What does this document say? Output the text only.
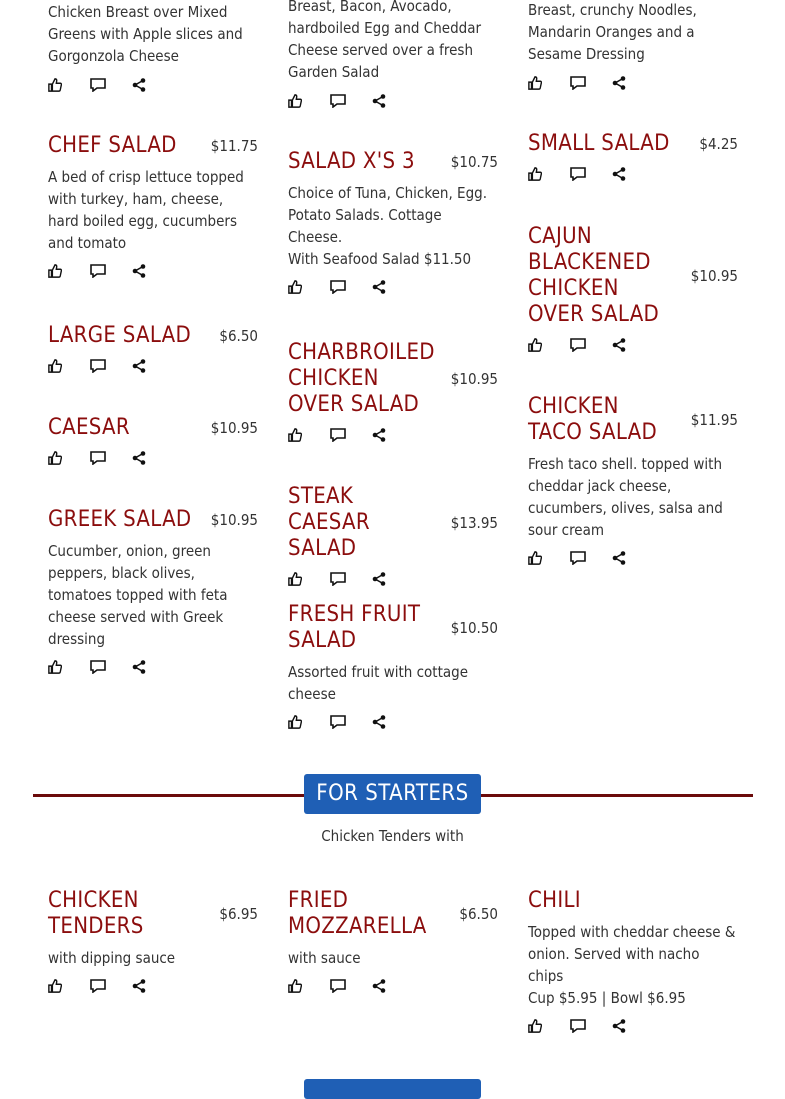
Chicken Breast over Mixed Greens with Apple slices and Gorgonzola Cheese
CHEF SALAD	$11.75
A bed of crisp lettuce topped with turkey, ham, cheese, hard boiled egg, cucumbers and tomato
LARGE SALAD	$6.50
CAESAR	$10.95
GREEK SALAD	$10.95
Cucumber, onion, green peppers, black olives, tomatoes topped with feta cheese served with Greek dressing
Breast, Bacon, Avocado, hardboiled Egg and Cheddar Cheese served over a fresh Garden Salad
SALAD X'S 3	$10.75
Choice of Tuna, Chicken, Egg. Potato Salads. Cottage Cheese.
With Seafood Salad $11.50
CHARBROILED CHICKEN OVER SALAD
$10.95
STEAK CAESAR SALAD
$13.95
FRESH FRUIT SALAD	$10.50
Assorted fruit with cottage cheese
Breast, crunchy Noodles, Mandarin Oranges and a Sesame Dressing
SMALL SALAD	$4.25
CAJUN BLACKENED CHICKEN OVER SALAD
$10.95
CHICKEN TACO SALAD	$11.95
Fresh taco shell. topped with cheddar jack cheese, cucumbers, olives, salsa and sour cream
FOR STARTERS
Chicken Tenders with
CHICKEN TENDERS	$6.95
with dipping sauce
FRIED MOZZARELLA	$6.50
with sauce
CHILI
Topped with cheddar cheese & onion. Served with nacho chips
Cup $5.95 | Bowl $6.95
